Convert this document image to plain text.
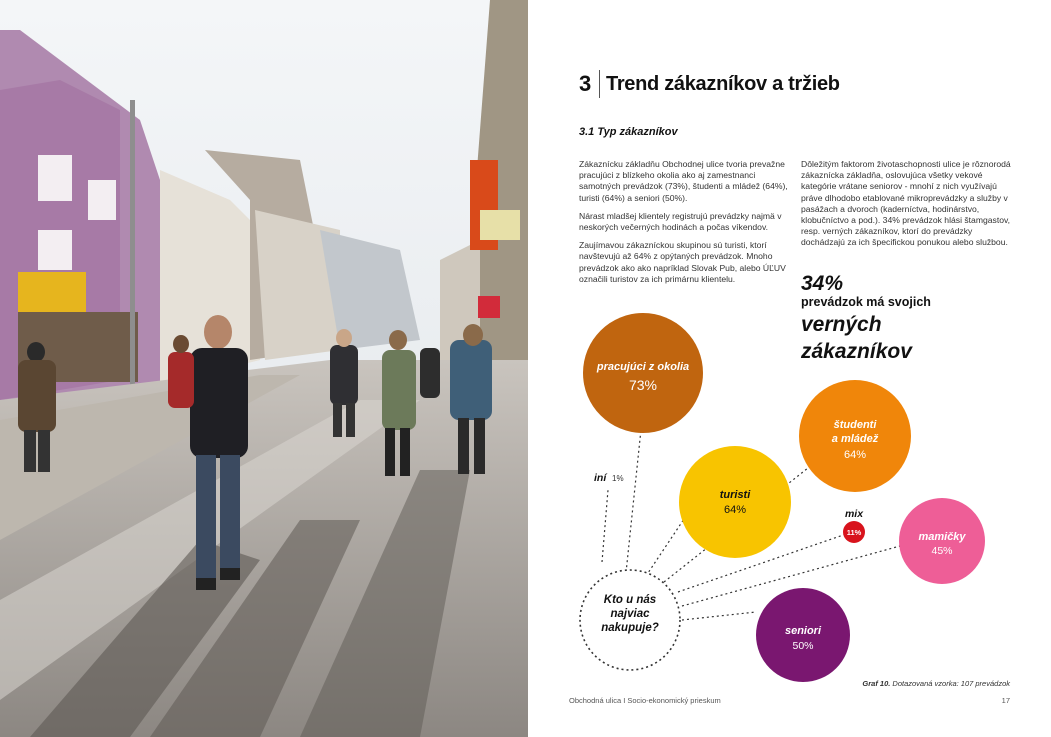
3 Trend zákazníkov a tržieb
3.1 Typ zákazníkov

Zákaznícku základňu Obchodnej ulice tvoria prevažne pracujúci z blízkeho okolia ako aj zamestnanci samotných prevádzok (73%), študenti a mládež (64%), turisti (64%) a seniori (50%).

Nárast mladšej klientely registrujú prevádzky najmä v neskorých večerných hodinách a počas víkendov.

Zaujímavou zákazníckou skupinou sú turisti, ktorí navštevujú až 64% z opýtaných prevádzok. Mnoho prevádzok ako ako napríklad Slovak Pub, alebo ÚĽUV označili turistov za ich primárnu klientelu.

Dôležitým faktorom životaschopnosti ulice je rôznorodá zákaznícka základňa, oslovujúca všetky vekové kategórie vrátane seniorov - mnohí z nich využívajú práve dlhodobo etablované mikroprevádzky a služby v pasážach a dvoroch (kaderníctva, hodinárstvo, klobučníctvo a pod.). 34% prevádzok hlási štamgastov, resp. verných zákazníkov, ktorí do prevádzky dochádzajú za ich špecifickou ponukou alebo službou.

34%
prevádzok má svojich
verných
zákazníkov
Kto u nás
najviac
nakupuje?
pracujúci z okolia
73%
študenti
a mládež
64%
turisti
64%
mamičky
45%
seniori
50%
11%
mix
iní 1%
Graf 10. Dotazovaná vzorka: 107 prevádzok
Obchodná ulica I Socio-ekonomický prieskum	17
